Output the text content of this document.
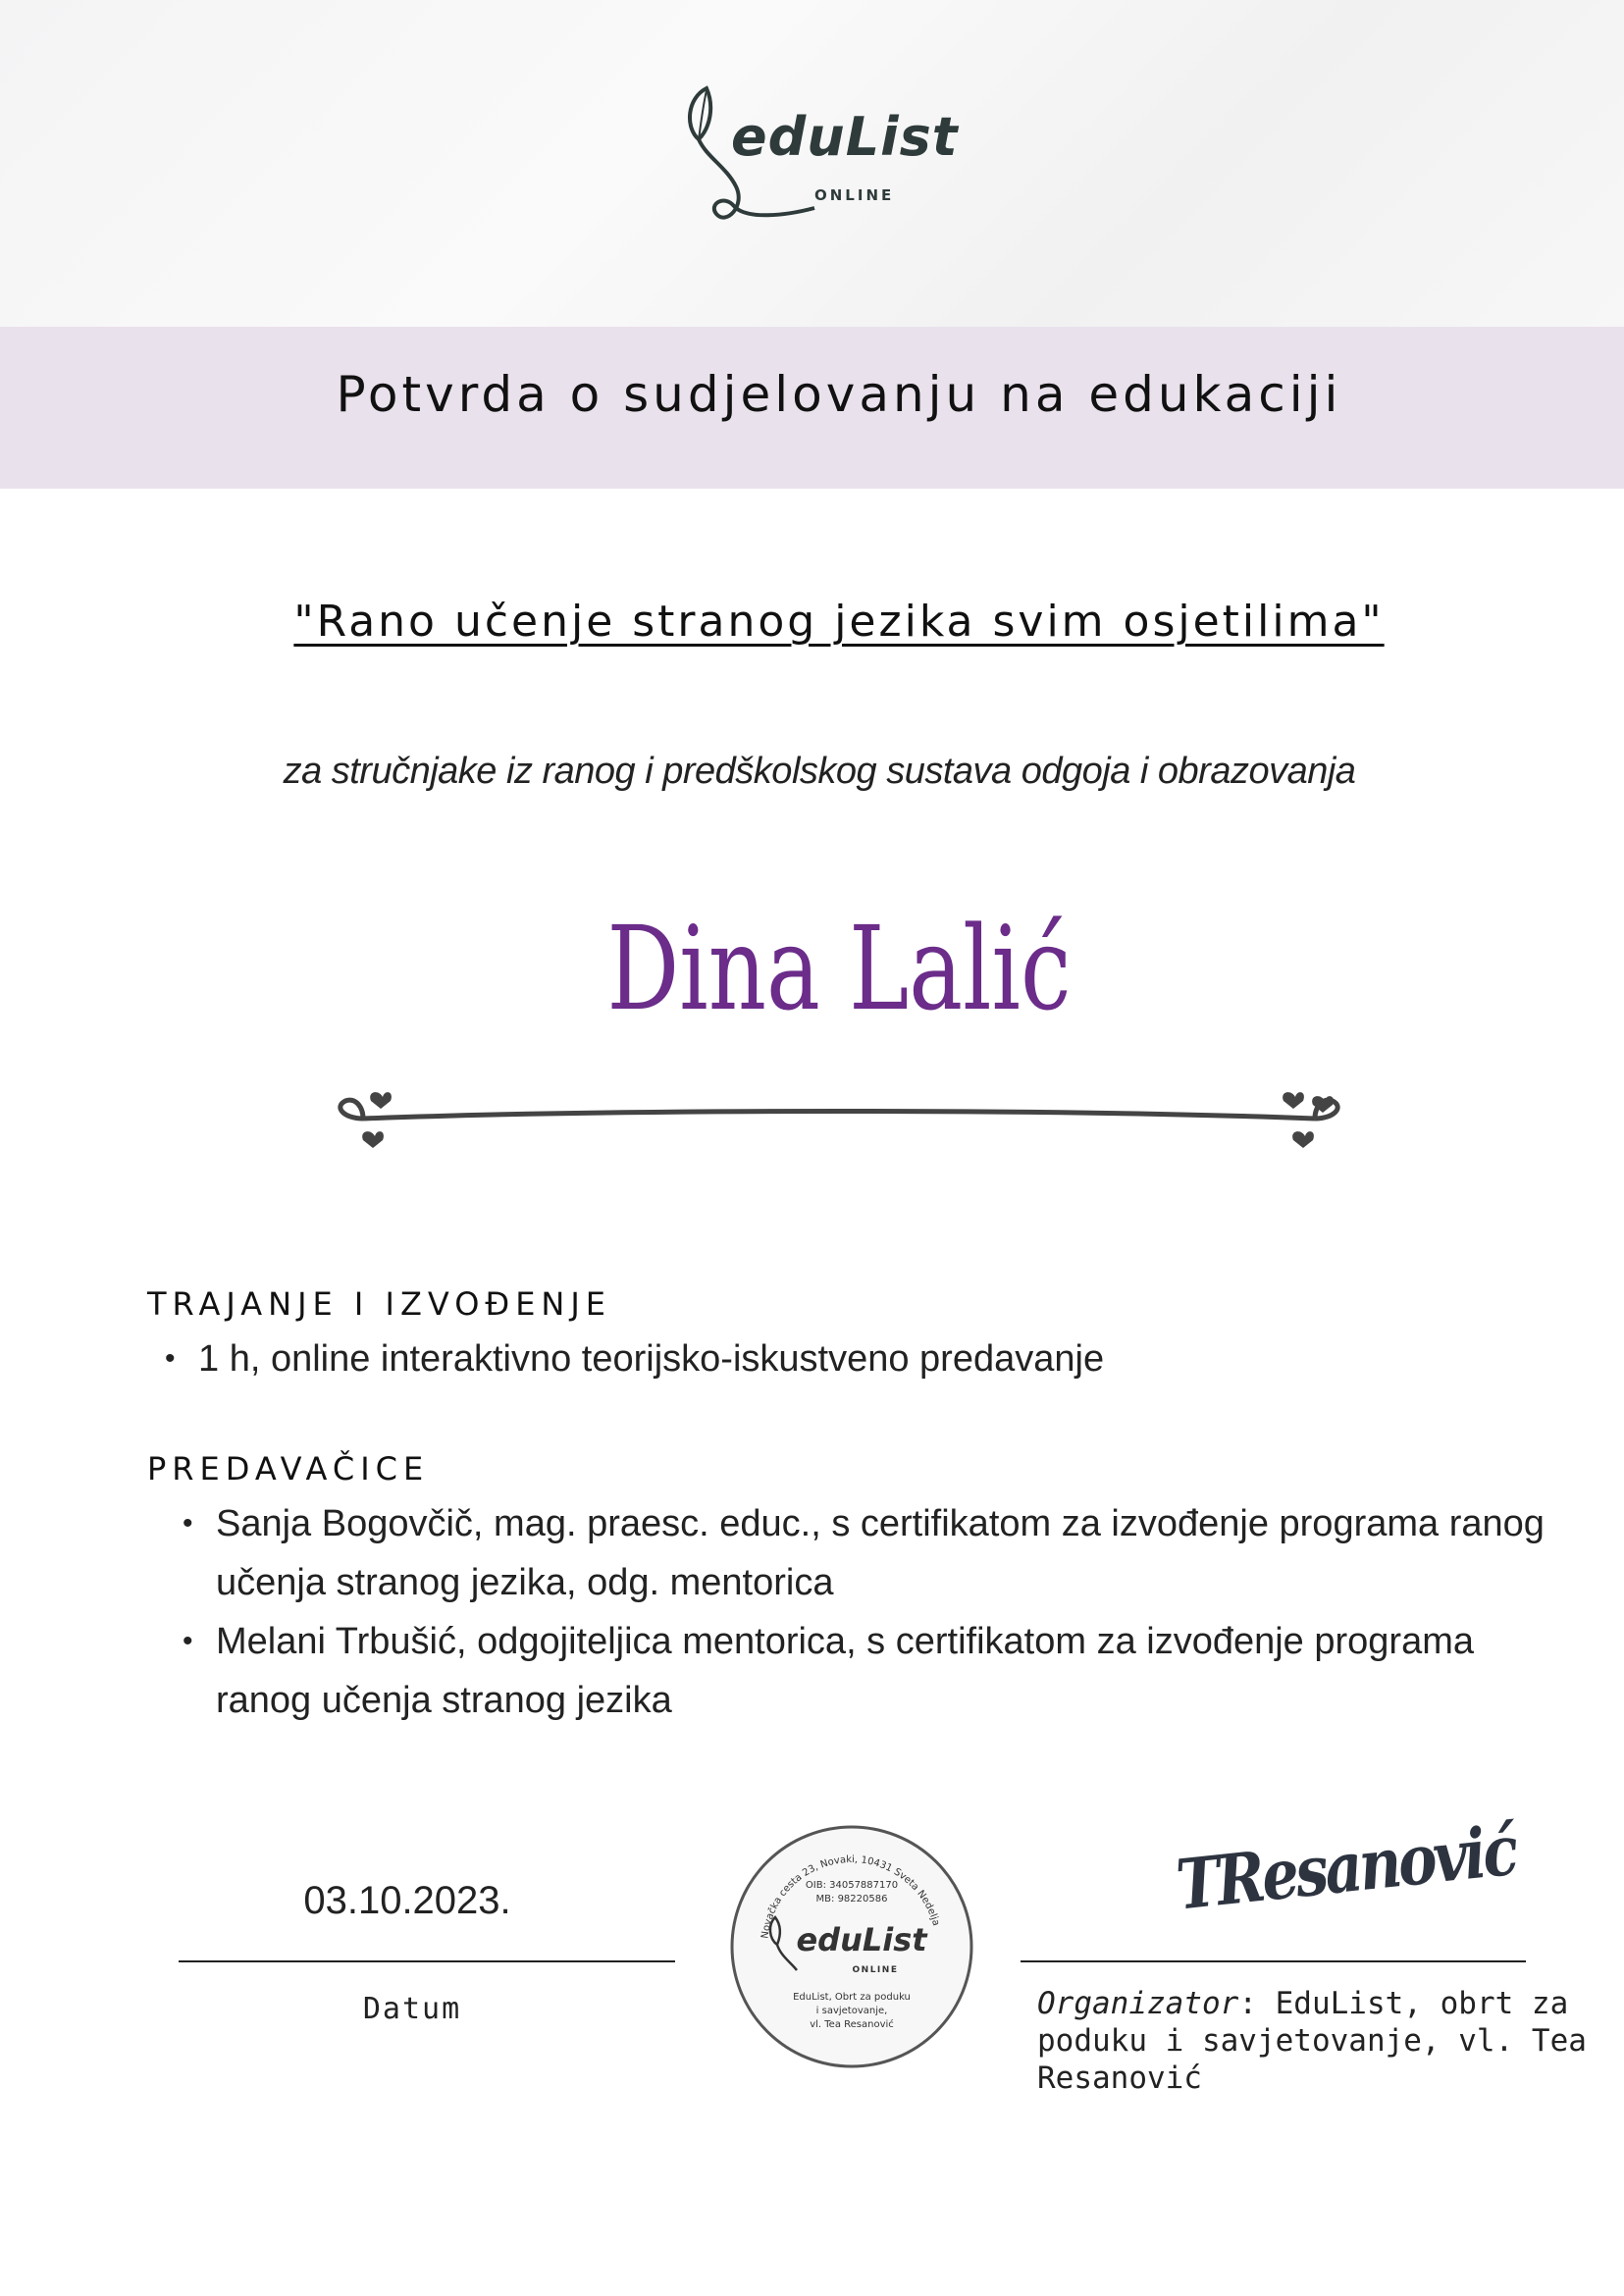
eduList
ONLINE
Potvrda o sudjelovanju na edukaciji
"Rano učenje stranog jezika svim osjetilima"
za stručnjake iz ranog i predškolskog sustava odgoja i obrazovanja
Dina Lalić
TRAJANJE I IZVOĐENJE
• 1 h, online interaktivno teorijsko-iskustveno predavanje
PREDAVAČICE
• Sanja Bogovčič, mag. praesc. educ., s certifikatom za izvođenje programa ranog učenja stranog jezika, odg. mentorica
• Melani Trbušić, odgojiteljica mentorica, s certifikatom za izvođenje programa ranog učenja stranog jezika
03.10.2023.
Datum
Novačka cesta 23, Novaki, 10431 Sveta Nedelja
OIB: 34057887170
MB: 98220586
eduList
ONLINE
EduList, Obrt za poduku
i savjetovanje,
vl. Tea Resanović
TResanović
Organizator: EduList, obrt za poduku i savjetovanje, vl. Tea Resanović
